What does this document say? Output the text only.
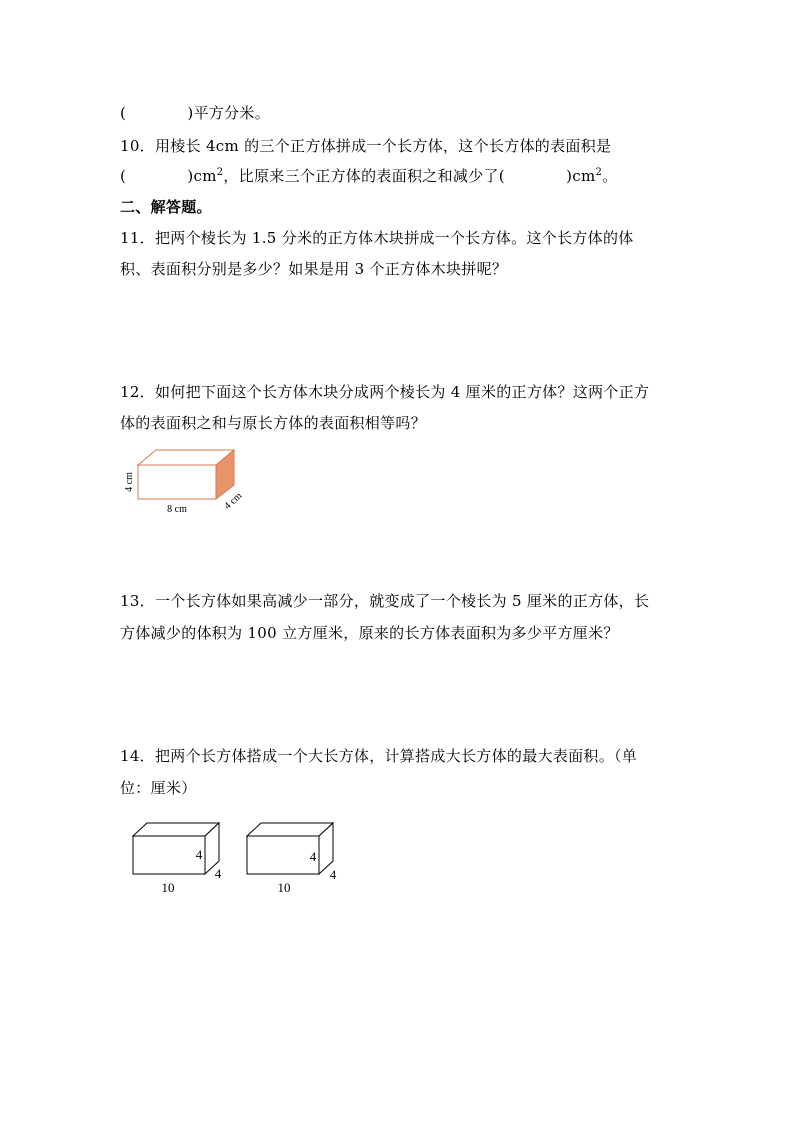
(　　　　)平方分米。
10．用棱长 4cm 的三个正方体拼成一个长方体，这个长方体的表面积是
(　　　　)$cm^2$，比原来三个正方体的表面积之和减少了(　　　　)$cm^2$。
二、解答题。
11．把两个棱长为 1.5 分米的正方体木块拼成一个长方体。这个长方体的体
积、表面积分别是多少？如果是用 3 个正方体木块拼呢？
12．如何把下面这个长方体木块分成两个棱长为 4 厘米的正方体？这两个正方
体的表面积之和与原长方体的表面积相等吗？
4 cm
8 cm	4 cm
13．一个长方体如果高减少一部分，就变成了一个棱长为 5 厘米的正方体，长
方体减少的体积为 100 立方厘米，原来的长方体表面积为多少平方厘米？
14．把两个长方体搭成一个大长方体，计算搭成大长方体的最大表面积。（单
位：厘米）
4
10
4
4
10
4
